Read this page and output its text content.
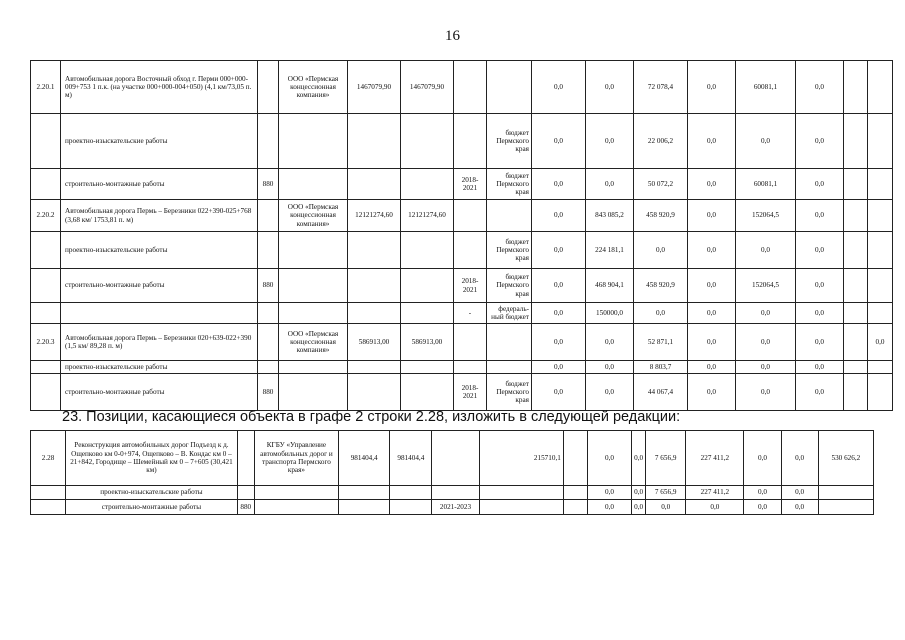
16
2.20.1	Автомобильная дорога Восточный обход г. Перми 000+000-009+753 1 п.к. (на участке 000+000-004+050) (4,1 км/73,05 п. м)		ООО «Пермская концессионная компания»	1467079,90	1467079,90			0,0	0,0	72 078,4	0,0	60081,1	0,0		
	проектно-изыскательские работы						бюджет Пермского края	0,0	0,0	22 006,2	0,0	0,0	0,0		
	строительно-монтажные работы	880				2018-2021	бюджет Пермского края	0,0	0,0	50 072,2	0,0	60081,1	0,0		
2.20.2	Автомобильная дорога Пермь – Березники 022+390-025+768 (3,68 км/ 1753,81 п. м)		ООО «Пермская концессионная компания»	12121274,60	12121274,60			0,0	843 085,2	458 920,9	0,0	152064,5	0,0		
	проектно-изыскательские работы						бюджет Пермского края	0,0	224 181,1	0,0	0,0	0,0	0,0		
	строительно-монтажные работы	880				2018-2021	бюджет Пермского края	0,0	468 904,1	458 920,9	0,0	152064,5	0,0		
						-	федераль-ный бюджет	0,0	150000,0	0,0	0,0	0,0	0,0		
2.20.3	Автомобильная дорога Пермь – Березники 020+639-022+390 (1,5 км/ 89,28 п. м)		ООО «Пермская концессионная компания»	586913,00	586913,00			0,0	0,0	52 871,1	0,0	0,0	0,0		0,0
	проектно-изыскательские работы							0,0	0,0	8 803,7	0,0	0,0	0,0		
	строительно-монтажные работы	880				2018-2021	бюджет Пермского края	0,0	0,0	44 067,4	0,0	0,0	0,0		
23. Позиции, касающиеся объекта в графе 2 строки 2.28, изложить в следующей редакции:
2.28	Реконструкция автомобильных дорог Подъезд к д. Ощепково км 0-0+974, Ощепково – В. Кондас км 0 – 21+842, Городище – Шемейный км 0 – 7+605 (30,421 км)		КГБУ «Управление автомобильных дорог и транспорта Пермского края»	981404,4	981404,4		215710,1		0,0	0,0	7 656,9	227 411,2	0,0	0,0	530 626,2
	проектно-изыскательские работы								0,0	0,0	7 656,9	227 411,2	0,0	0,0	
	строительно-монтажные работы	880				2021-2023			0,0	0,0	0,0	0,0	0,0	0,0	
